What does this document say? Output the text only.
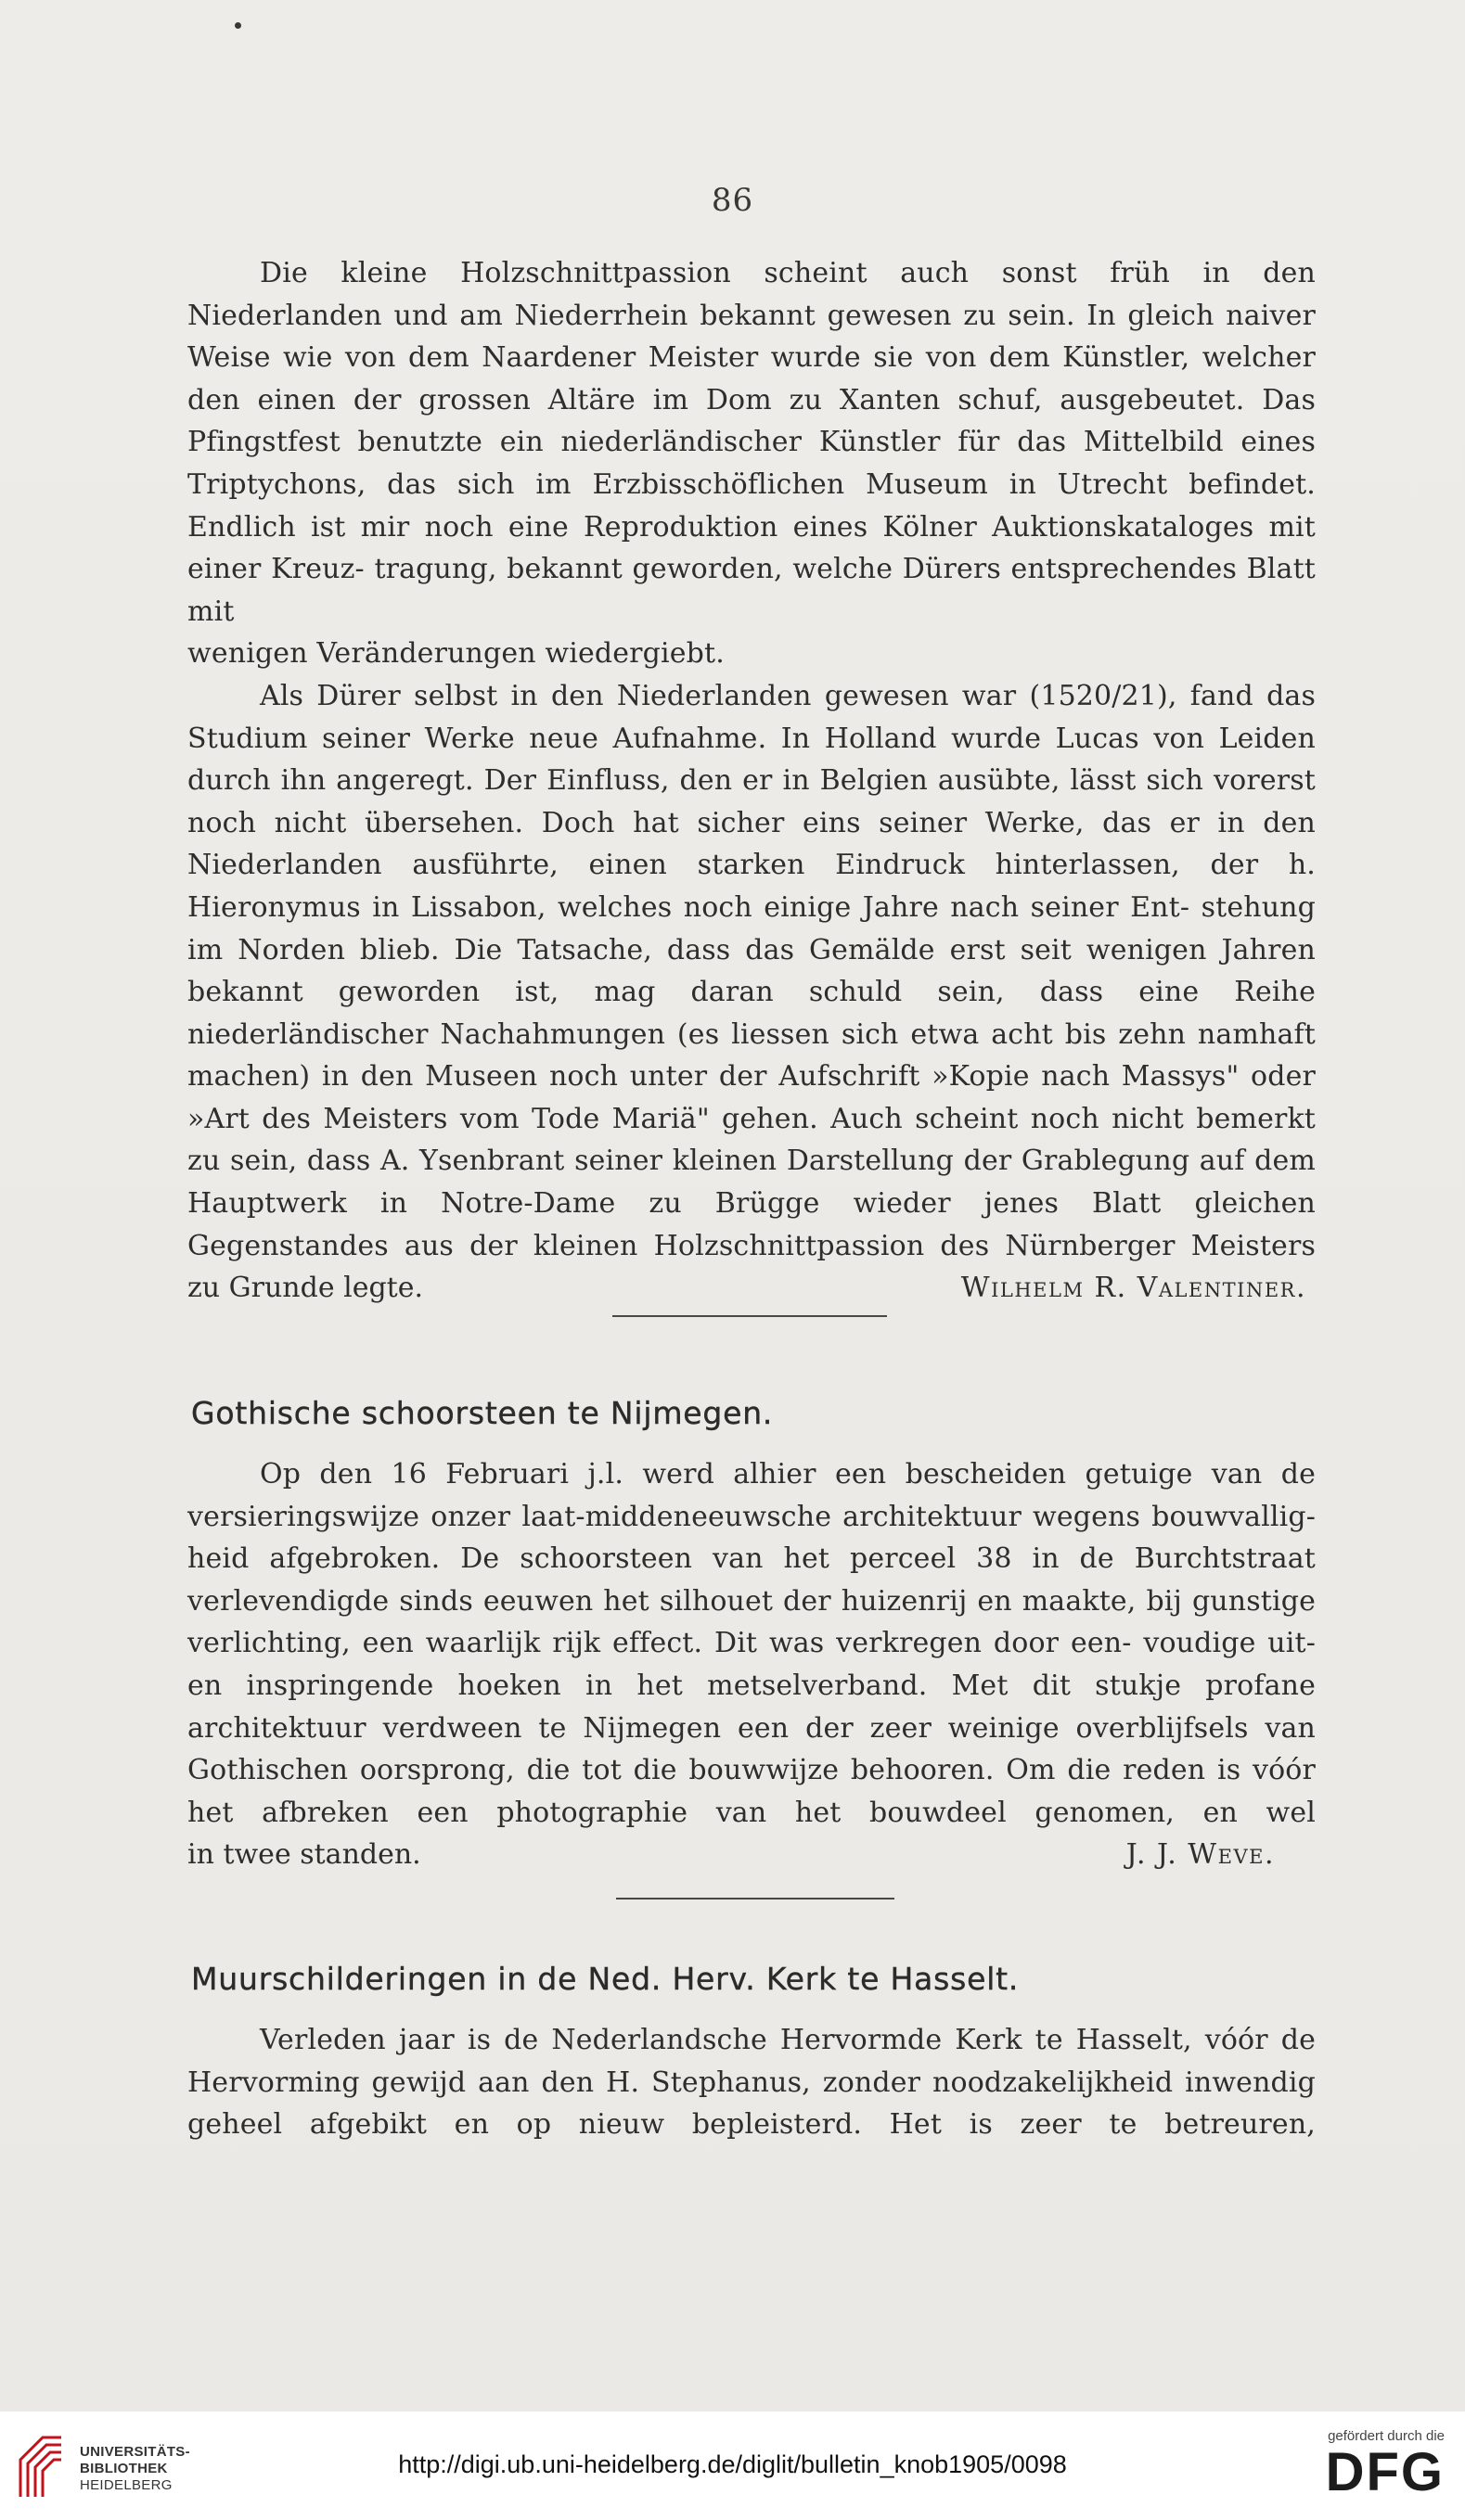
86

Die kleine Holzschnittpassion scheint auch sonst früh in den Niederlanden und am Niederrhein bekannt gewesen zu sein. In gleich naiver Weise wie von dem Naardener Meister wurde sie von dem Künstler, welcher den einen der grossen Altäre im Dom zu Xanten schuf, ausgebeutet. Das Pfingstfest benutzte ein niederländischer Künstler für das Mittelbild eines Triptychons, das sich im Erzbisschöflichen Museum in Utrecht befindet. Endlich ist mir noch eine Reproduktion eines Kölner Auktionskataloges mit einer Kreuz- tragung, bekannt geworden, welche Dürers entsprechendes Blatt mit

wenigen Veränderungen wiedergiebt.

Als Dürer selbst in den Niederlanden gewesen war (1520/21), fand das Studium seiner Werke neue Aufnahme. In Holland wurde Lucas von Leiden durch ihn angeregt. Der Einfluss, den er in Belgien ausübte, lässt sich vorerst noch nicht übersehen. Doch hat sicher eins seiner Werke, das er in den Niederlanden ausführte, einen starken Eindruck hinterlassen, der h. Hieronymus in Lissabon, welches noch einige Jahre nach seiner Ent- stehung im Norden blieb. Die Tatsache, dass das Gemälde erst seit wenigen Jahren bekannt geworden ist, mag daran schuld sein, dass eine Reihe niederländischer Nachahmungen (es liessen sich etwa acht bis zehn namhaft machen) in den Museen noch unter der Aufschrift »Kopie nach Massys" oder »Art des Meisters vom Tode Mariä" gehen. Auch scheint noch nicht bemerkt zu sein, dass A. Ysenbrant seiner kleinen Darstellung der Grablegung auf dem Hauptwerk in Notre-Dame zu Brügge wieder jenes Blatt gleichen Gegenstandes aus der kleinen Holzschnittpassion des Nürnberger Meisters

zu Grunde legte.	Wilhelm R. Valentiner.
Gothische schoorsteen te Nijmegen.

Op den 16 Februari j.l. werd alhier een bescheiden getuige van de versieringswijze onzer laat-middeneeuwsche architektuur wegens bouwvallig- heid afgebroken. De schoorsteen van het perceel 38 in de Burchtstraat verlevendigde sinds eeuwen het silhouet der huizenrij en maakte, bij gunstige verlichting, een waarlijk rijk effect. Dit was verkregen door een- voudige uit- en inspringende hoeken in het metselverband. Met dit stukje profane architektuur verdween te Nijmegen een der zeer weinige overblijfsels van Gothischen oorsprong, die tot die bouwwijze behooren. Om die reden is vóór het afbreken een photographie van het bouwdeel genomen, en wel

in twee standen.	J. J. Weve.
Muurschilderingen in de Ned. Herv. Kerk te Hasselt.

Verleden jaar is de Nederlandsche Hervormde Kerk te Hasselt, vóór de Hervorming gewijd aan den H. Stephanus, zonder noodzakelijkheid inwendig geheel afgebikt en op nieuw bepleisterd. Het is zeer te betreuren,

UNIVERSITÄTS-
BIBLIOTHEK
HEIDELBERG
http://digi.ub.uni-heidelberg.de/diglit/bulletin_knob1905/0098
gefördert durch die
DFG
